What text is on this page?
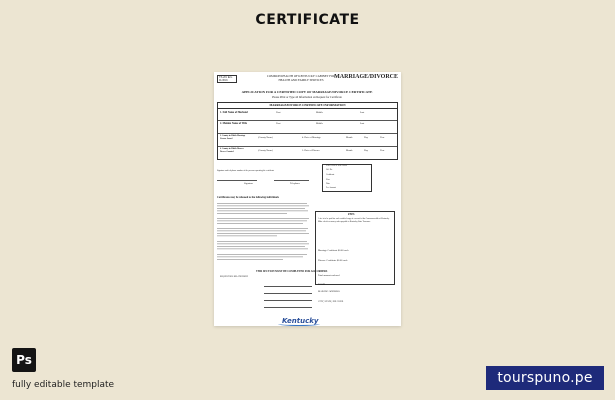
CERTIFICATE
VS-201 Rev. 01/2016
COMMONWEALTH OF KENTUCKY CABINET FOR HEALTH AND FAMILY SERVICES	MARRIAGE/DIVORCE
APPLICATION FOR A CERTIFIED COPY OF MARRIAGE/DIVORCE CERTIFICATE
Please Print or Type all Information on Request for Certificate
MARRIAGE/DIVORCE CERTIFICATE INFORMATION
1. Full Name of Husband	First	Middle	Last
2. Maiden Name of Wife	First	Middle	Last
3. County in Which Marriage License Issued	(County Name)	4. Date of Marriage	Month	Day	Year
4. County in Which Divorce Decree Granted	(County Name)	5. Date of Divorce	Month	Day	Year
Signature and telephone number of the person requesting the certificate
Signature	Telephone
FOR OFFICE USE ONLY
Vol. No.
Certificate
Year
Date
Fee Amount
Certificates may be released to the following individuals
FEES
A fee is to be paid for each certified copy of a record of the Commonwealth of Kentucky. Make check or money order payable to Kentucky State Treasurer.
Marriage Certificate $6.00 each
Divorce Certificate $6.00 each
Total amount enclosed
THIS SECTION MUST BE COMPLETED FOR ALL ORDERS
REQUESTOR'S RELATIONSHIP
NAME
MAILING ADDRESS
CITY, STATE, ZIP CODE
Kentucky
Ps
fully editable template	tourspuno.pe
